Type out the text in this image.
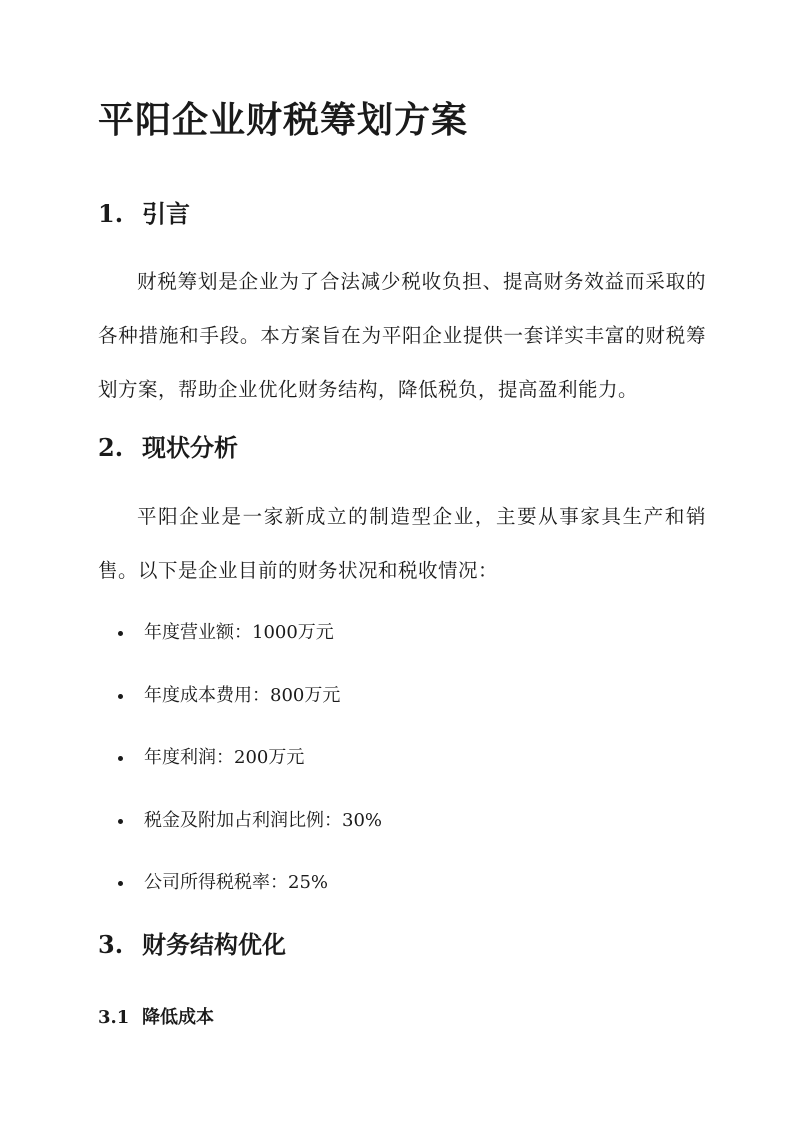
平阳企业财税筹划方案
1. 引言

财税筹划是企业为了合法减少税收负担、提高财务效益而采取的各种措施和手段。本方案旨在为平阳企业提供一套详实丰富的财税筹划方案，帮助企业优化财务结构，降低税负，提高盈利能力。

2. 现状分析

平阳企业是一家新成立的制造型企业，主要从事家具生产和销售。以下是企业目前的财务状况和税收情况：

年度营业额：1000万元
年度成本费用：800万元
年度利润：200万元
税金及附加占利润比例：30%
公司所得税税率：25%
3. 财务结构优化
3.1 降低成本
